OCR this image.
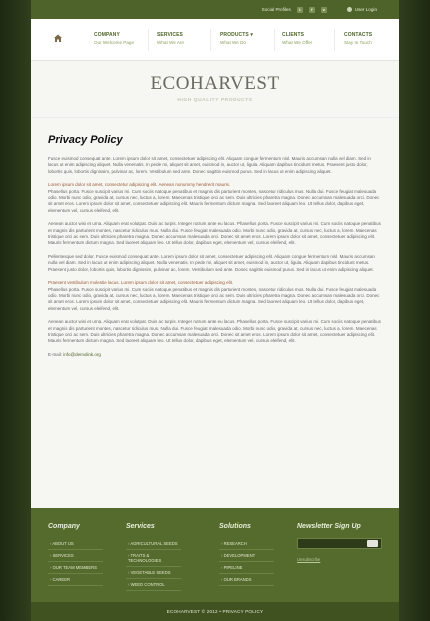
Social Profiles	t	f	v	User Login
COMPANY
Our Welcome Page
SERVICES
What We Are
PRODUCTS ▾
What We Do
CLIENTS
What We Offer
CONTACTS
Stay In Touch
ECOHARVEST
HIGH QUALITY PRODUCTS
Privacy Policy
Fusce euismod consequat ante. Lorem ipsum dolor sit amet, consectetuer adipiscing elit. Aliquam congue fermentum nisl. Mauris accumsan nulla vel diam. Sed in lacus ut enim adipiscing aliquet. Nulla venenatis. In pede mi, aliquet sit amet, euismod in, auctor ut, ligula. Aliquam dapibus tincidunt metus. Praesent justo dolor, lobortis quis, lobortis dignissim, pulvinar ac, lorem. Vestibulum sed ante. Donec sagittis euismod purus. Sed in lacus ut enim adipiscing aliquet.
Lorem ipsum dolor sit amet, consectetur adipiscing elit. Aenean nonummy hendrerit mauris.
Phasellus porta. Fusce suscipit varius mi. Cum sociis natoque penatibus et magnis dis parturient montes, nascetur ridiculus mus. Nulla dui. Fusce feugiat malesuada odio. Morbi nunc odio, gravida at, cursus nec, luctus a, lorem. Maecenas tristique orci ac sem. Duis ultricies pharetra magna. Donec accumsan malesuada orci. Donec sit amet eros. Lorem ipsum dolor sit amet, consectetuer adipiscing elit. Mauris fermentum dictum magna. Sed laoreet aliquam leo. Ut tellus dolor, dapibus eget, elementum vel, cursus eleifend, elit.
Aenean auctor wisi et urna. Aliquam erat volutpat. Duis ac turpis. Integer rutrum ante eu lacus. Phasellus porta. Fusce suscipit varius mi. Cum sociis natoque penatibus et magnis dis parturient montes, nascetur ridiculus mus. Nulla dui. Fusce feugiat malesuada odio. Morbi nunc odio, gravida at, cursus nec, luctus a, lorem. Maecenas tristique orci ac sem. Duis ultricies pharetra magna. Donec accumsan malesuada orci. Donec sit amet eros. Lorem ipsum dolor sit amet, consectetuer adipiscing elit. Mauris fermentum dictum magna. Sed laoreet aliquam leo. Ut tellus dolor, dapibus eget, elementum vel, cursus eleifend, elit.
Pellentesque sed dolor. Fusce euismod consequat ante. Lorem ipsum dolor sit amet, consectetuer adipiscing elit. Aliquam congue fermentum nisl. Mauris accumsan nulla vel diam. Sed in lacus ut enim adipiscing aliquet. Nulla venenatis. In pede mi, aliquet sit amet, euismod in, auctor ut, ligula. Aliquam dapibus tincidunt metus. Praesent justo dolor, lobortis quis, lobortis dignissim, pulvinar ac, lorem. Vestibulum sed ante. Donec sagittis euismod purus. Sed in lacus ut enim adipiscing aliquet.
Praesent vestibulum molestie lacus. Lorem ipsum dolor sit amet, consectetuer adipiscing elit.
Phasellus porta. Fusce suscipit varius mi. Cum sociis natoque penatibus et magnis dis parturient montes, nascetur ridiculus mus. Nulla dui. Fusce feugiat malesuada odio. Morbi nunc odio, gravida at, cursus nec, luctus a, lorem. Maecenas tristique orci ac sem. Duis ultricies pharetra magna. Donec accumsan malesuada orci. Donec sit amet eros. Lorem ipsum dolor sit amet, consectetuer adipiscing elit. Mauris fermentum dictum magna. Sed laoreet aliquam leo. Ut tellus dolor, dapibus eget, elementum vel, cursus eleifend, elit.
Aenean auctor wisi et urna. Aliquam erat volutpat. Duis ac turpis. Integer rutrum ante eu lacus. Phasellus porta. Fusce suscipit varius mi. Cum sociis natoque penatibus et magnis dis parturient montes, nascetur ridiculus mus. Nulla dui. Fusce feugiat malesuada odio. Morbi nunc odio, gravida at, cursus nec, luctus a, lorem. Maecenas tristique orci ac sem. Duis ultricies pharetra magna. Donec accumsan malesuada orci. Donec sit amet eros. Lorem ipsum dolor sit amet, consectetuer adipiscing elit. Mauris fermentum dictum magna. Sed laoreet aliquam leo. Ut tellus dolor, dapibus eget, elementum vel, cursus eleifend, elit.
E-mail: info@demolink.org
Company
› ABOUT US
› SERVICES
› OUR TEAM MEMBERS
› CAREER
Services
› AGRICULTURAL SEEDS
› TRAITS & TECHNOLOGIES
› VEGETABLE SEEDS
› WEED CONTROL
Solutions
› RESEARCH
› DEVELOPMENT
› PIPELINE
› OUR BRANDS
Newsletter Sign Up
Unsubscribe
ECOHARVEST © 2012 • PRIVACY POLICY
